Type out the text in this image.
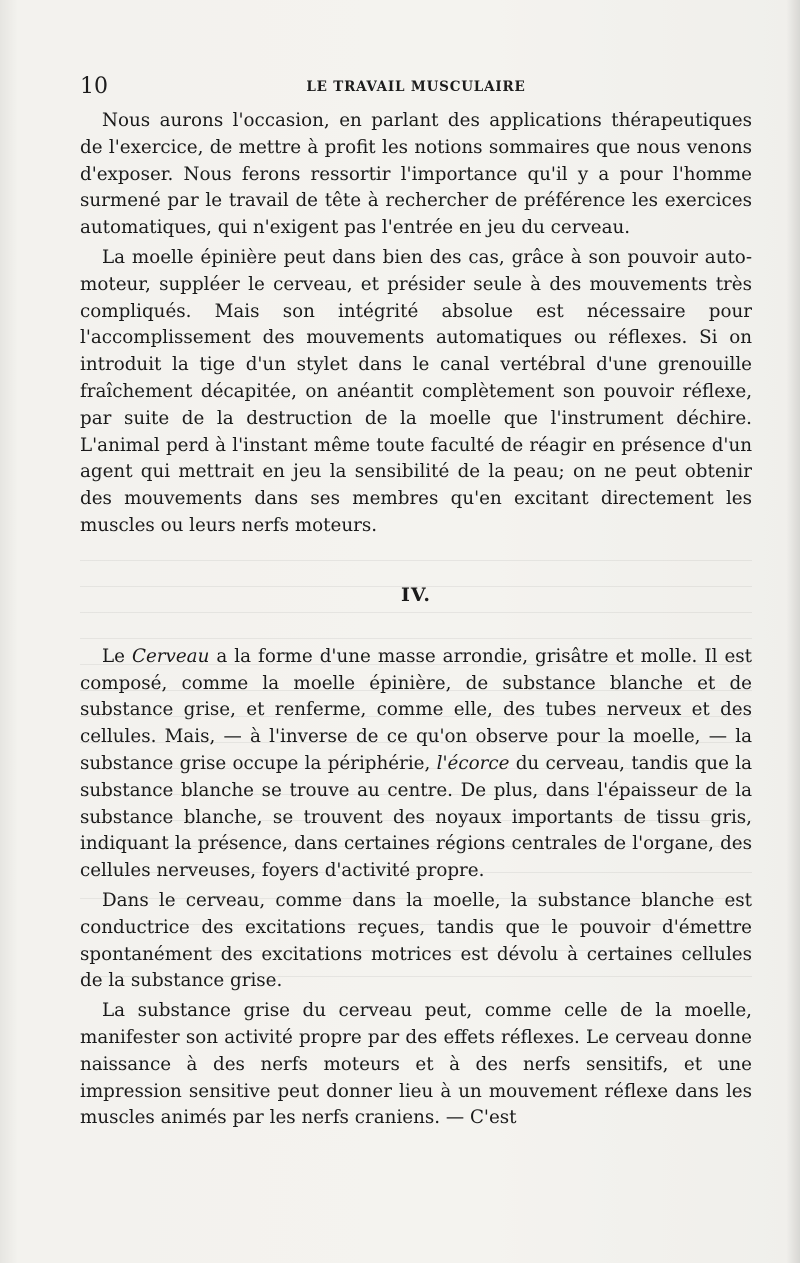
10	LE TRAVAIL MUSCULAIRE

Nous aurons l'occasion, en parlant des applications thérapeutiques de l'exercice, de mettre à profit les notions sommaires que nous venons d'exposer. Nous ferons ressortir l'importance qu'il y a pour l'homme surmené par le travail de tête à rechercher de préférence les exercices automatiques, qui n'exigent pas l'entrée en jeu du cerveau.

La moelle épinière peut dans bien des cas, grâce à son pouvoir auto-moteur, suppléer le cerveau, et présider seule à des mouvements très compliqués. Mais son intégrité absolue est nécessaire pour l'accomplissement des mouvements automatiques ou réflexes. Si on introduit la tige d'un stylet dans le canal vertébral d'une grenouille fraîchement décapitée, on anéantit complètement son pouvoir réflexe, par suite de la destruction de la moelle que l'instrument déchire. L'animal perd à l'instant même toute faculté de réagir en présence d'un agent qui mettrait en jeu la sensibilité de la peau; on ne peut obtenir des mouvements dans ses membres qu'en excitant directement les muscles ou leurs nerfs moteurs.

IV.

Le Cerveau a la forme d'une masse arrondie, grisâtre et molle. Il est composé, comme la moelle épinière, de substance blanche et de substance grise, et renferme, comme elle, des tubes nerveux et des cellules. Mais, — à l'inverse de ce qu'on observe pour la moelle, — la substance grise occupe la périphérie, l'écorce du cerveau, tandis que la substance blanche se trouve au centre. De plus, dans l'épaisseur de la substance blanche, se trouvent des noyaux importants de tissu gris, indiquant la présence, dans certaines régions centrales de l'organe, des cellules nerveuses, foyers d'activité propre.

Dans le cerveau, comme dans la moelle, la substance blanche est conductrice des excitations reçues, tandis que le pouvoir d'émettre spontanément des excitations motrices est dévolu à certaines cellules de la substance grise.

La substance grise du cerveau peut, comme celle de la moelle, manifester son activité propre par des effets réflexes. Le cerveau donne naissance à des nerfs moteurs et à des nerfs sensitifs, et une impression sensitive peut donner lieu à un mouvement réflexe dans les muscles animés par les nerfs craniens. — C'est
